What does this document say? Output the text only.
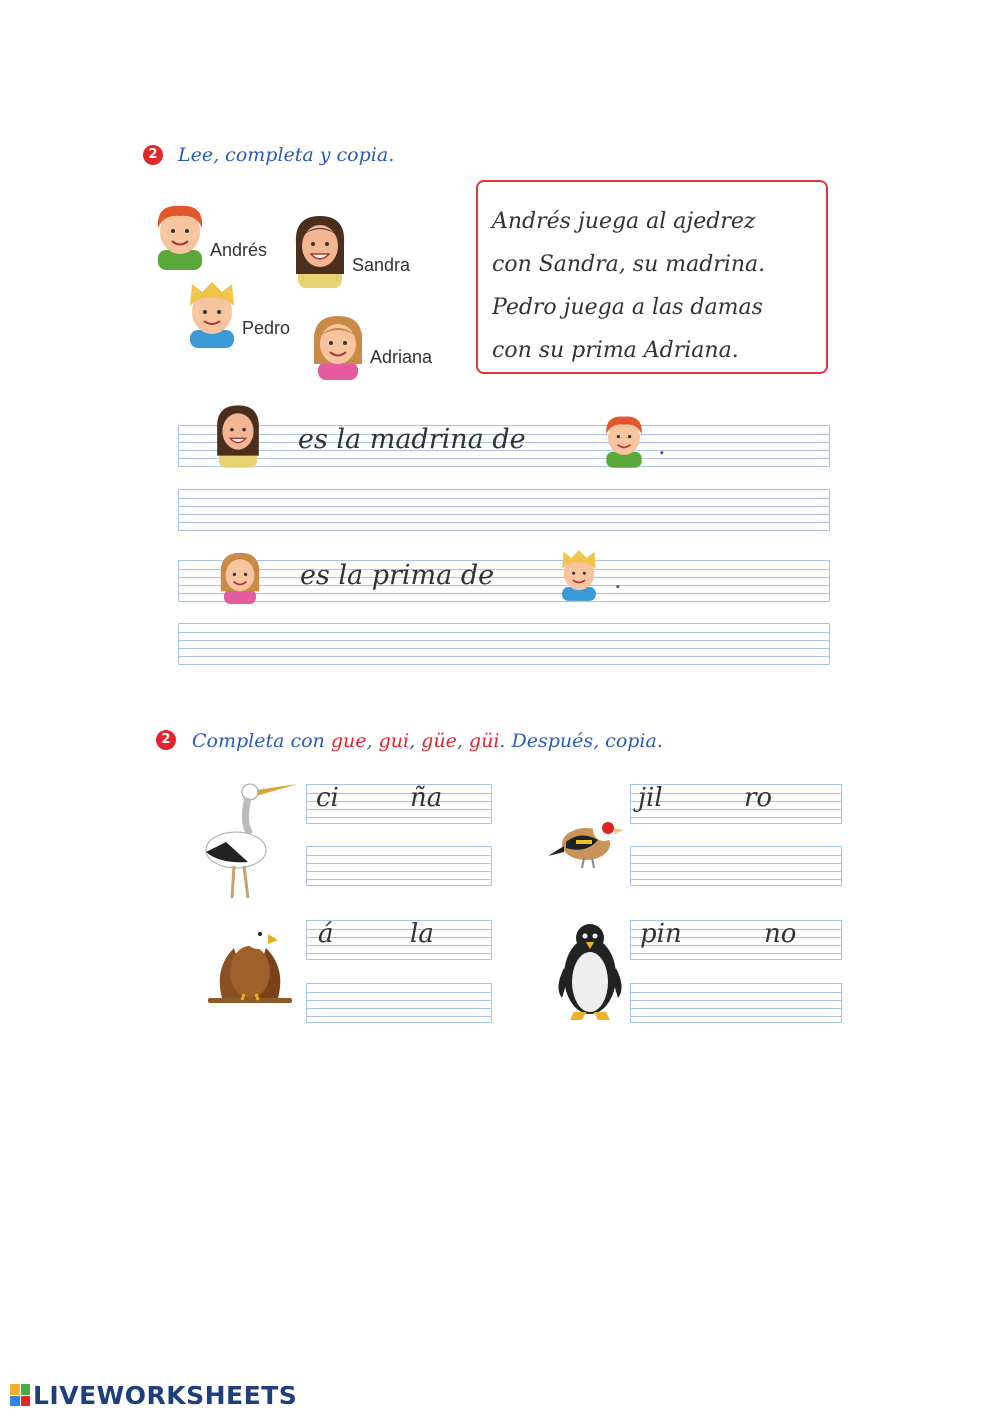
2 Lee, completa y copia.
Andrés
Sandra
Pedro
Adriana
Andrés juega al ajedrez
con Sandra, su madrina.
Pedro juega a las damas
con su prima Adriana.
es la madrina de	.
es la prima de	.
2 Completa con gue, gui, güe, güi. Después, copia.
ci	ña	jil	ro
á	la	pin	no
LIVEWORKSHEETS
